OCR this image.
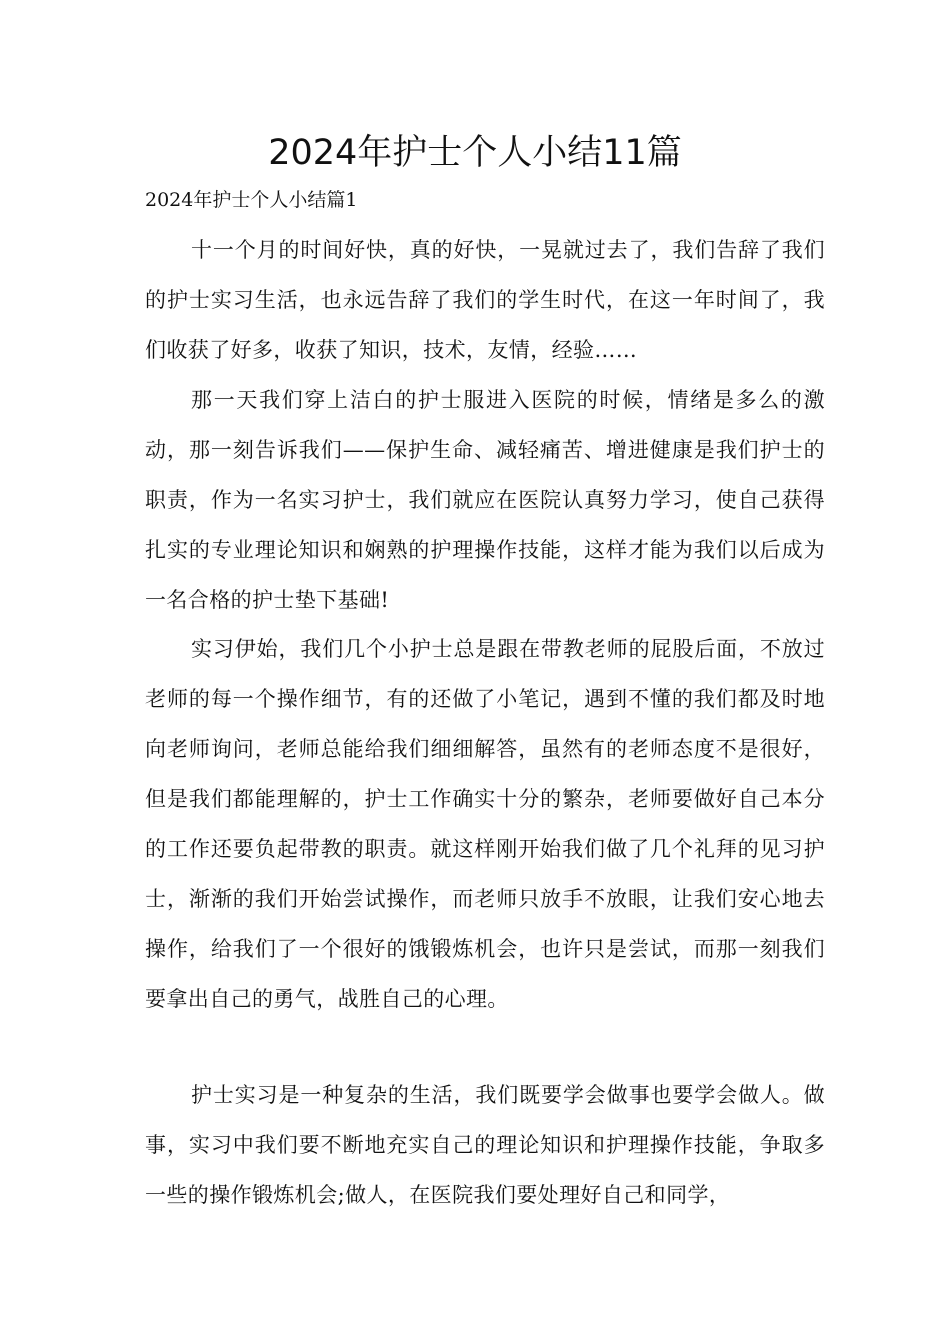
2024年护士个人小结11篇
2024年护士个人小结篇1

十一个月的时间好快，真的好快，一晃就过去了，我们告辞了我们的护士实习生活，也永远告辞了我们的学生时代，在这一年时间了，我们收获了好多，收获了知识，技术，友情，经验……

那一天我们穿上洁白的护士服进入医院的时候，情绪是多么的激动，那一刻告诉我们——保护生命、减轻痛苦、增进健康是我们护士的职责，作为一名实习护士，我们就应在医院认真努力学习，使自己获得扎实的专业理论知识和娴熟的护理操作技能，这样才能为我们以后成为一名合格的护士垫下基础!

实习伊始，我们几个小护士总是跟在带教老师的屁股后面，不放过老师的每一个操作细节，有的还做了小笔记，遇到不懂的我们都及时地向老师询问，老师总能给我们细细解答，虽然有的老师态度不是很好，但是我们都能理解的，护士工作确实十分的繁杂，老师要做好自己本分的工作还要负起带教的职责。就这样刚开始我们做了几个礼拜的见习护士，渐渐的我们开始尝试操作，而老师只放手不放眼，让我们安心地去操作，给我们了一个很好的饿锻炼机会，也许只是尝试，而那一刻我们要拿出自己的勇气，战胜自己的心理。

护士实习是一种复杂的生活，我们既要学会做事也要学会做人。做事，实习中我们要不断地充实自己的理论知识和护理操作技能，争取多一些的操作锻炼机会;做人，在医院我们要处理好自己和同学，
